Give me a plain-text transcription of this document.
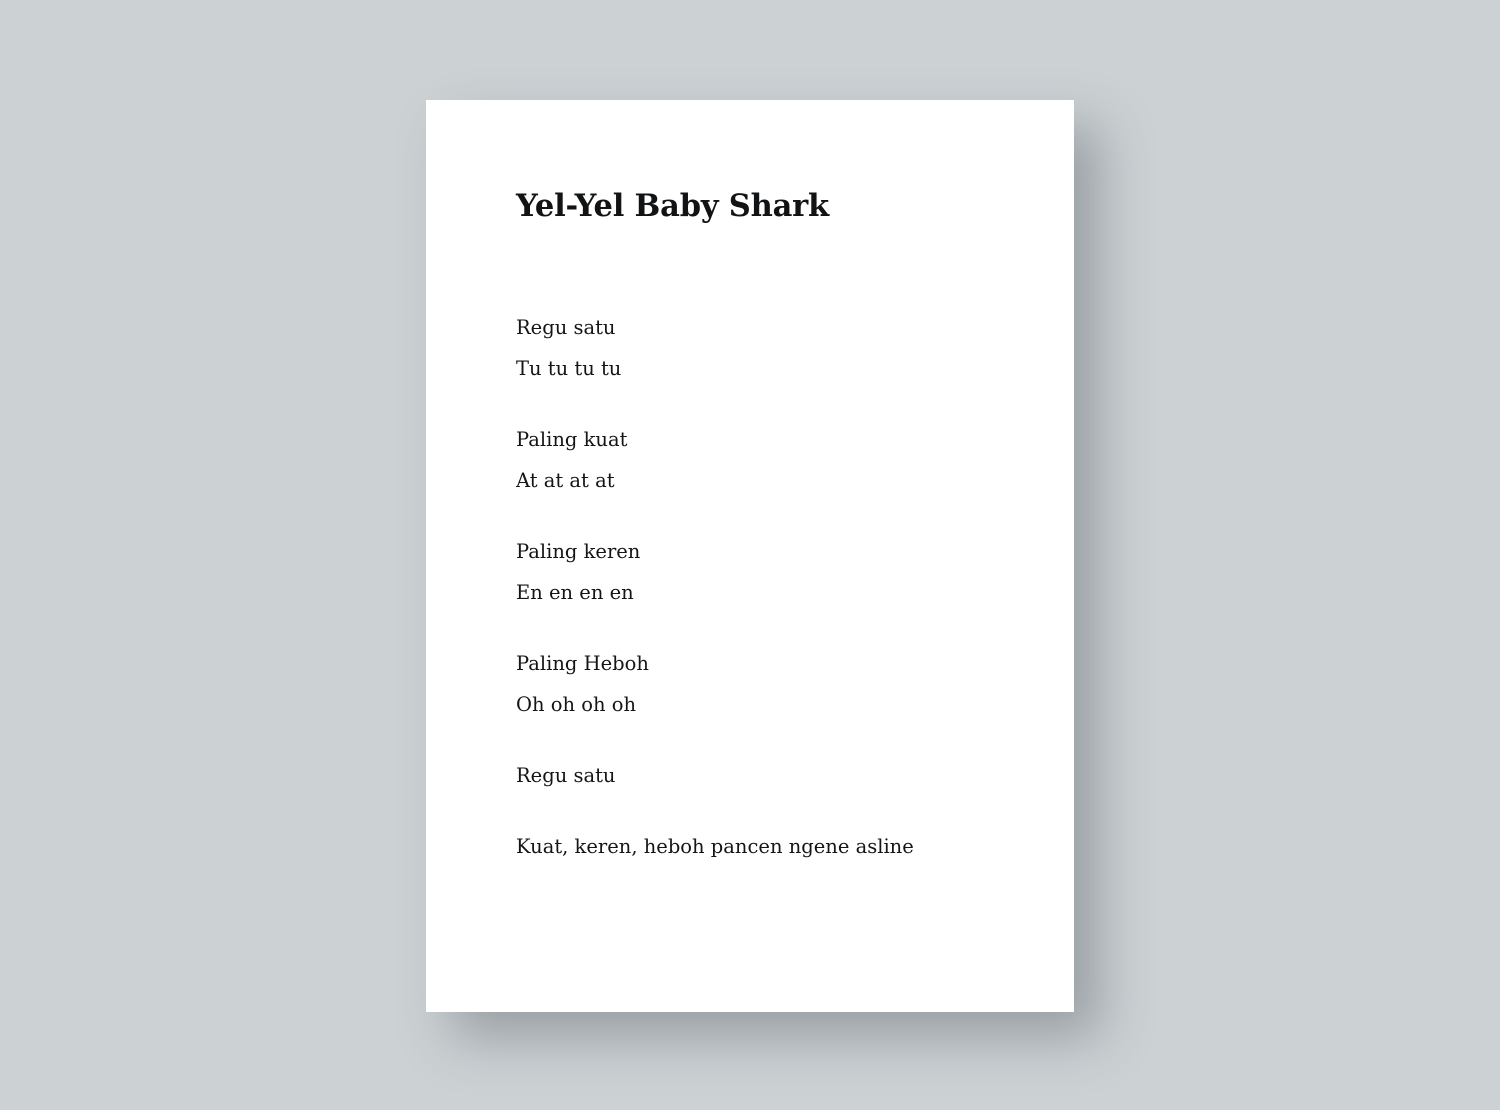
Yel-Yel Baby Shark
Regu satu
Tu tu tu tu
Paling kuat
At at at at
Paling keren
En en en en
Paling Heboh
Oh oh oh oh
Regu satu
Kuat, keren, heboh pancen ngene asline
